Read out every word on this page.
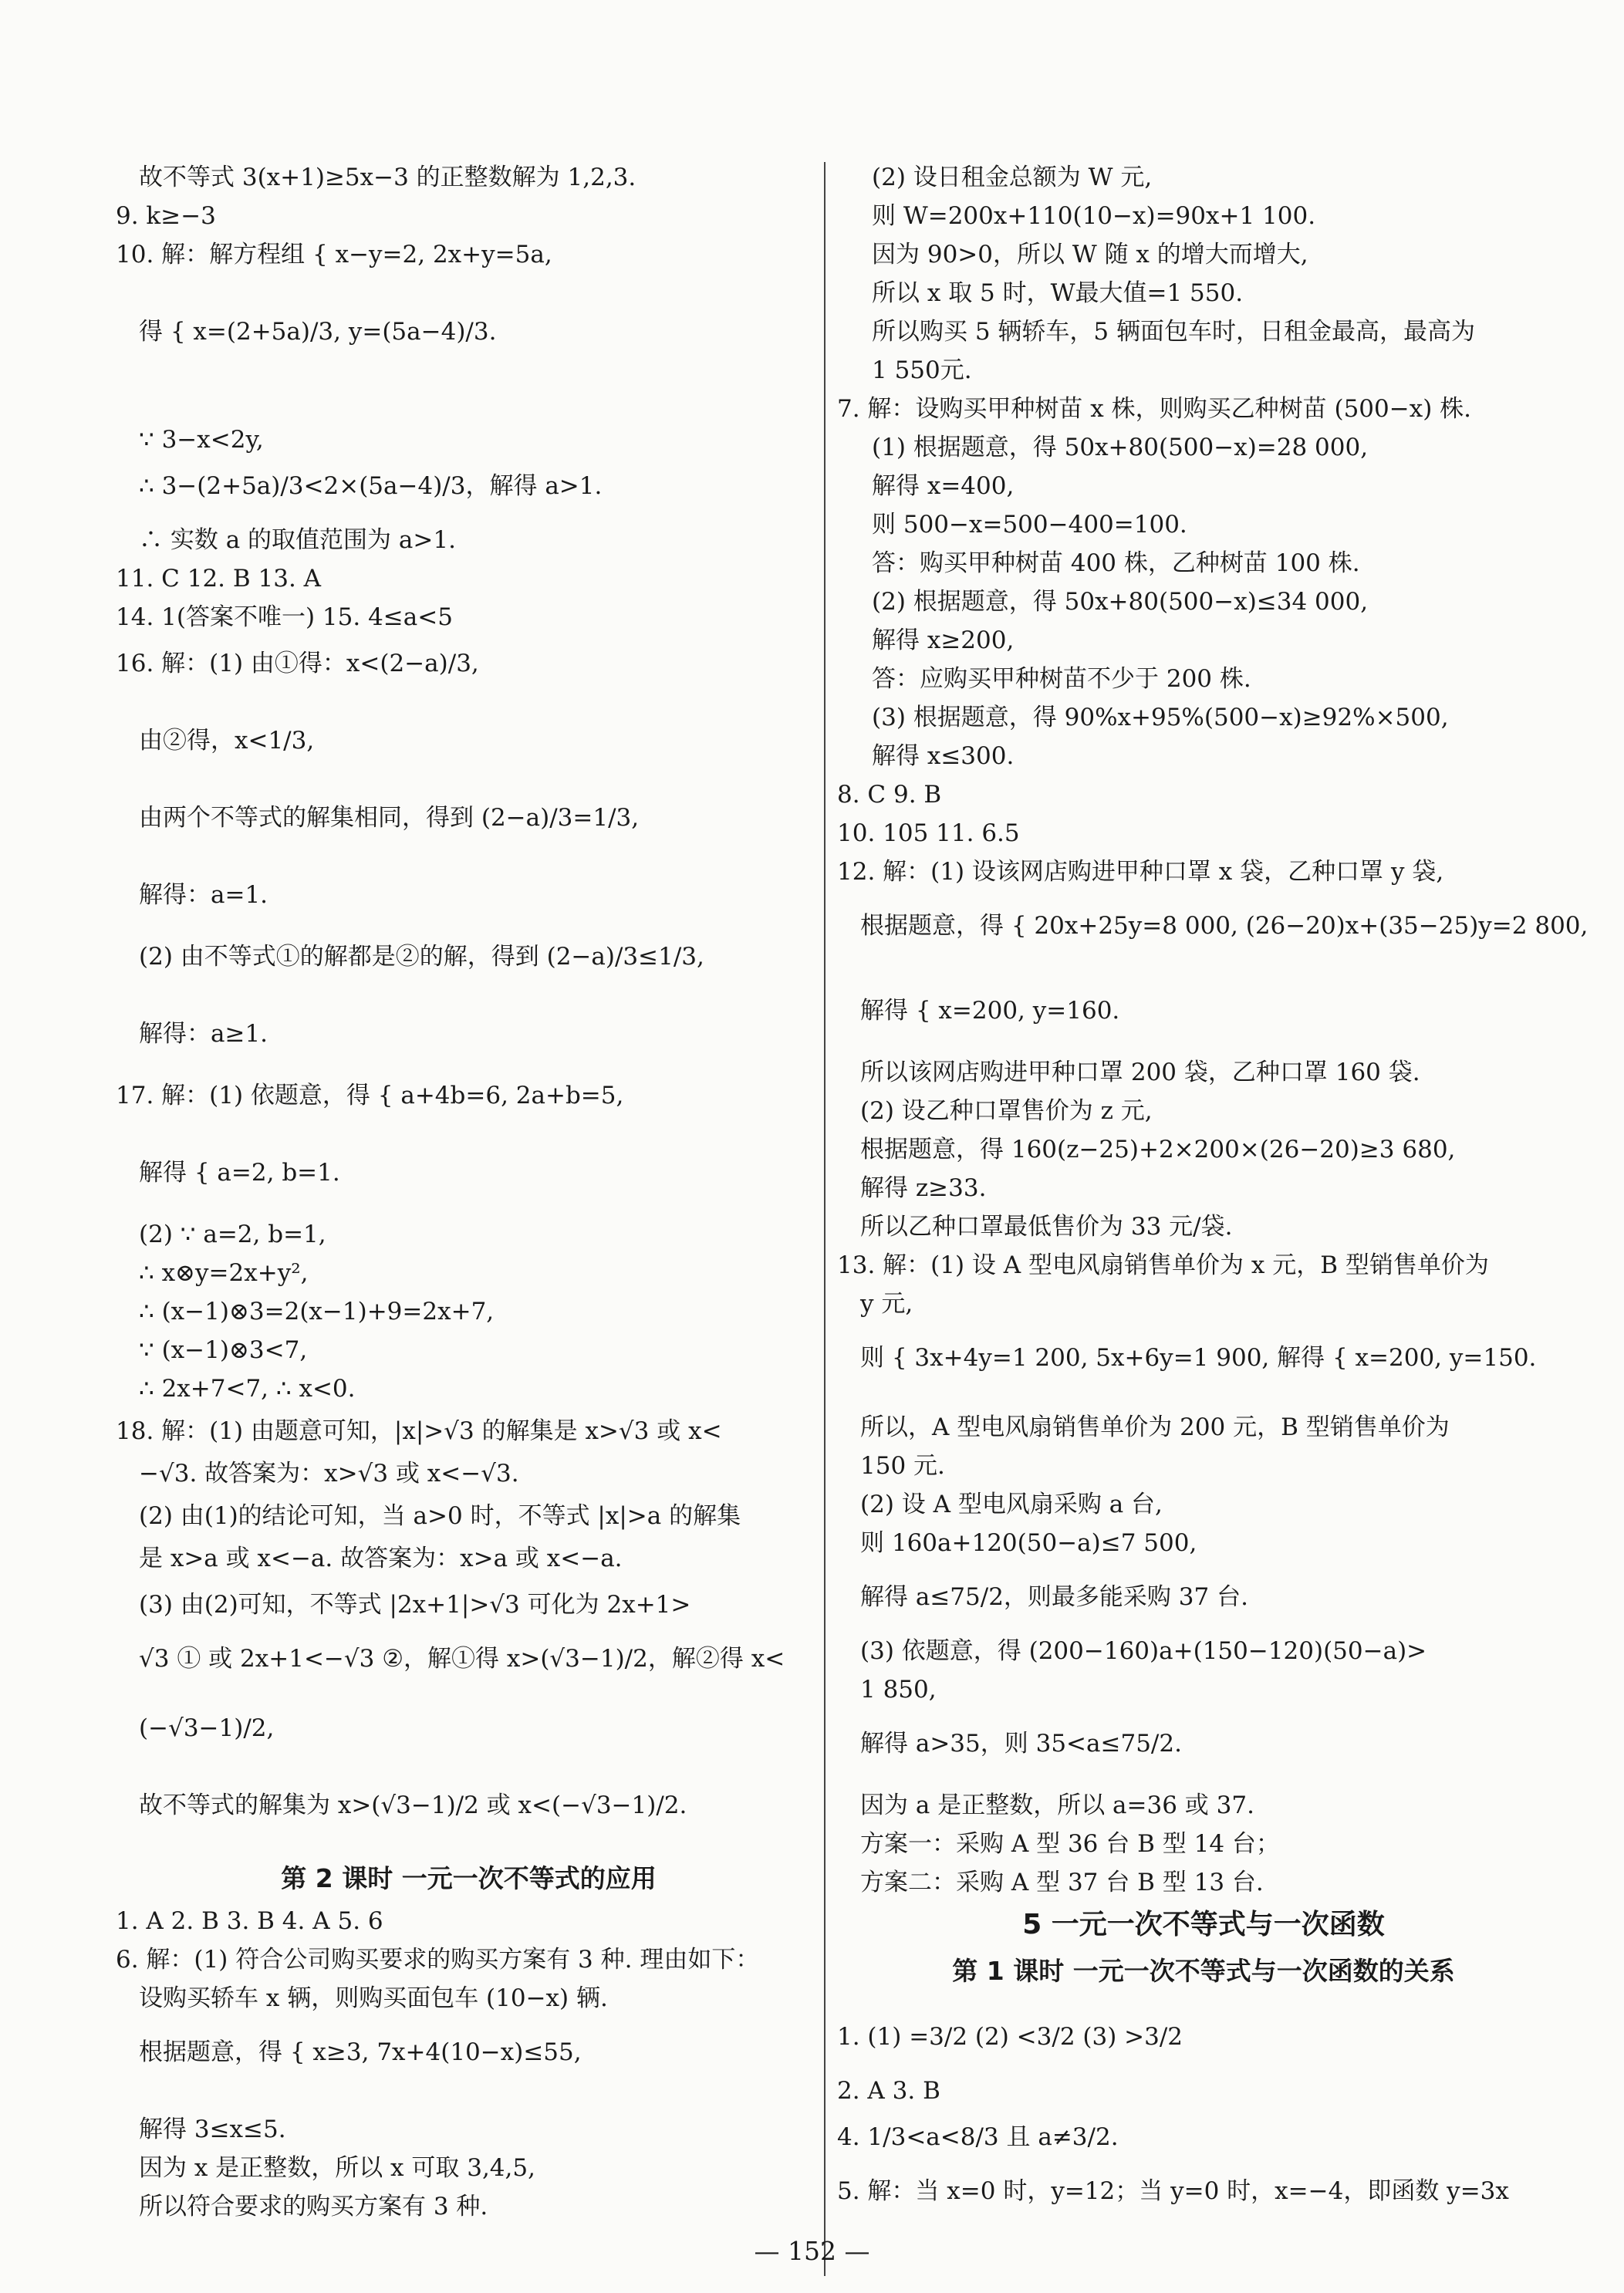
第 2 课时 一元一次不等式的应用
故不等式 3(x+1)≥5x−3 的正整数解为 1,2,3.
9. k≥−3
10. 解：解方程组 { x−y=2, 2x+y=5a,
得 { x=(2+5a)/3, y=(5a−4)/3.
∵ 3−x<2y,
∴ 3−(2+5a)/3<2×(5a−4)/3，解得 a>1.
∴ 实数 a 的取值范围为 a>1.
11. C 12. B 13. A
14. 1(答案不唯一) 15. 4≤a<5
16. 解：(1) 由①得：x<(2−a)/3,
由②得，x<1/3,
由两个不等式的解集相同，得到 (2−a)/3=1/3,
解得：a=1.
(2) 由不等式①的解都是②的解，得到 (2−a)/3≤1/3,
解得：a≥1.
17. 解：(1) 依题意，得 { a+4b=6, 2a+b=5,
解得 { a=2, b=1.
(2) ∵ a=2, b=1,
∴ x⊗y=2x+y²,
∴ (x−1)⊗3=2(x−1)+9=2x+7,
∵ (x−1)⊗3<7,
∴ 2x+7<7, ∴ x<0.
18. 解：(1) 由题意可知，|x|>√3 的解集是 x>√3 或 x<
−√3. 故答案为：x>√3 或 x<−√3.
(2) 由(1)的结论可知，当 a>0 时，不等式 |x|>a 的解集
是 x>a 或 x<−a. 故答案为：x>a 或 x<−a.
(3) 由(2)可知，不等式 |2x+1|>√3 可化为 2x+1>
√3 ① 或 2x+1<−√3 ②，解①得 x>(√3−1)/2，解②得 x<
(−√3−1)/2,
故不等式的解集为 x>(√3−1)/2 或 x<(−√3−1)/2.
1. A 2. B 3. B 4. A 5. 6
6. 解：(1) 符合公司购买要求的购买方案有 3 种. 理由如下：
设购买轿车 x 辆，则购买面包车 (10−x) 辆.
根据题意，得 { x≥3, 7x+4(10−x)≤55,
解得 3≤x≤5.
因为 x 是正整数，所以 x 可取 3,4,5,
所以符合要求的购买方案有 3 种.
5 一元一次不等式与一次函数
第 1 课时 一元一次不等式与一次函数的关系
(2) 设日租金总额为 W 元,
则 W=200x+110(10−x)=90x+1 100.
因为 90>0，所以 W 随 x 的增大而增大,
所以 x 取 5 时，W最大值=1 550.
所以购买 5 辆轿车，5 辆面包车时，日租金最高，最高为
1 550元.
7. 解：设购买甲种树苗 x 株，则购买乙种树苗 (500−x) 株.
(1) 根据题意，得 50x+80(500−x)=28 000,
解得 x=400,
则 500−x=500−400=100.
答：购买甲种树苗 400 株，乙种树苗 100 株.
(2) 根据题意，得 50x+80(500−x)≤34 000,
解得 x≥200,
答：应购买甲种树苗不少于 200 株.
(3) 根据题意，得 90%x+95%(500−x)≥92%×500,
解得 x≤300.
8. C 9. B
10. 105 11. 6.5
12. 解：(1) 设该网店购进甲种口罩 x 袋，乙种口罩 y 袋,
根据题意，得 { 20x+25y=8 000, (26−20)x+(35−25)y=2 800,
解得 { x=200, y=160.
所以该网店购进甲种口罩 200 袋，乙种口罩 160 袋.
(2) 设乙种口罩售价为 z 元,
根据题意，得 160(z−25)+2×200×(26−20)≥3 680,
解得 z≥33.
所以乙种口罩最低售价为 33 元/袋.
13. 解：(1) 设 A 型电风扇销售单价为 x 元，B 型销售单价为
y 元,
则 { 3x+4y=1 200, 5x+6y=1 900, 解得 { x=200, y=150.
所以，A 型电风扇销售单价为 200 元，B 型销售单价为
150 元.
(2) 设 A 型电风扇采购 a 台,
则 160a+120(50−a)≤7 500,
解得 a≤75/2，则最多能采购 37 台.
(3) 依题意，得 (200−160)a+(150−120)(50−a)>
1 850,
解得 a>35，则 35<a≤75/2.
因为 a 是正整数，所以 a=36 或 37.
方案一：采购 A 型 36 台 B 型 14 台；
方案二：采购 A 型 37 台 B 型 13 台.
1. (1) =3/2 (2) <3/2 (3) >3/2
2. A 3. B
4. 1/3<a<8/3 且 a≠3/2.
5. 解：当 x=0 时，y=12；当 y=0 时，x=−4，即函数 y=3x
— 152 —
